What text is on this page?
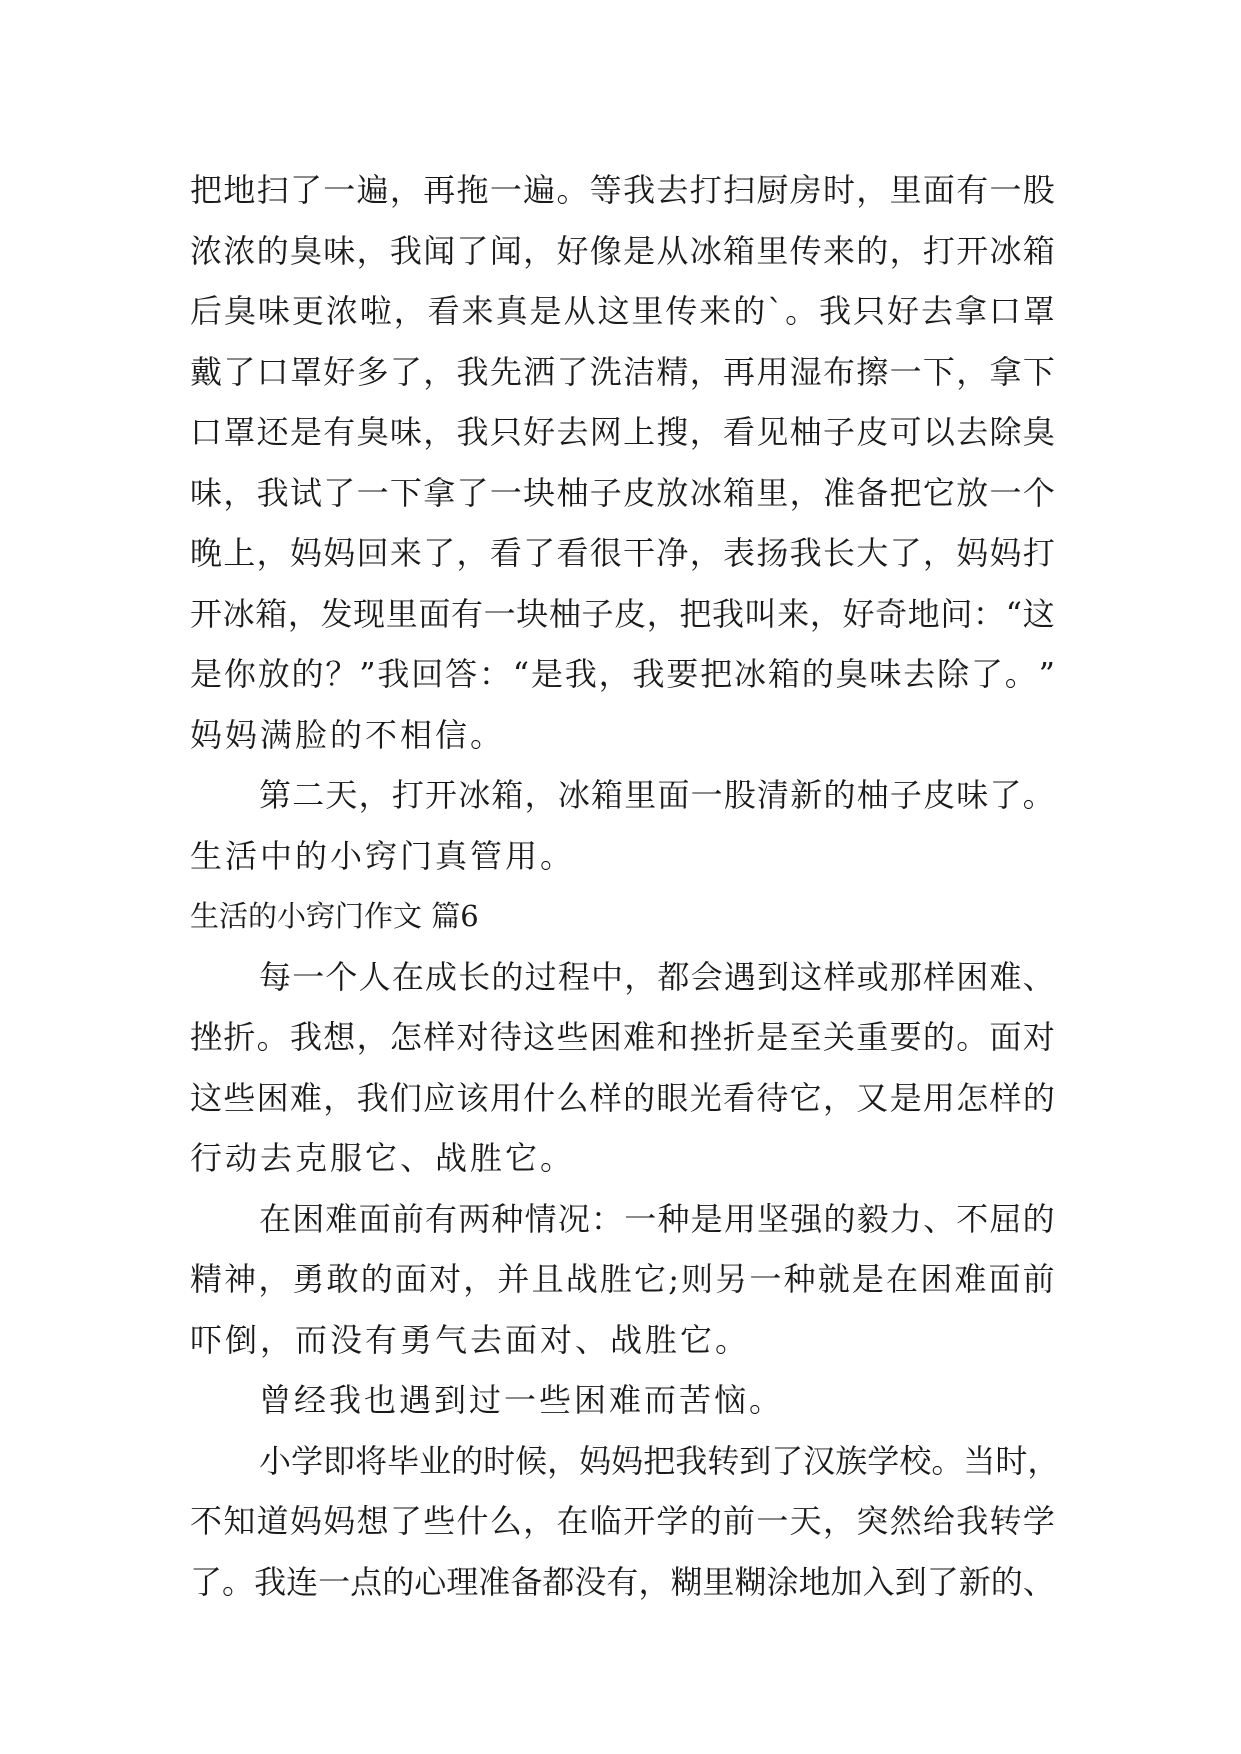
把 地 扫 了 一 遍 ， 再 拖 一 遍 。 等 我 去 打 扫 厨 房 时 ， 里 面 有 一 股
浓 浓 的 臭 味 ， 我 闻 了 闻 ， 好 像 是 从 冰 箱 里 传 来 的 ， 打 开 冰 箱
后 臭 味 更 浓 啦 ， 看 来 真 是 从 这 里 传 来 的 ` 。 我 只 好 去 拿 口 罩
戴 了 口 罩 好 多 了 ， 我 先 洒 了 洗 洁 精 ， 再 用 湿 布 擦 一 下 ， 拿 下
口 罩 还 是 有 臭 味 ， 我 只 好 去 网 上 搜 ， 看 见 柚 子 皮 可 以 去 除 臭
味 ， 我 试 了 一 下 拿 了 一 块 柚 子 皮 放 冰 箱 里 ， 准 备 把 它 放 一 个
晚 上 ， 妈 妈 回 来 了 ， 看 了 看 很 干 净 ， 表 扬 我 长 大 了 ， 妈 妈 打
开 冰 箱 ， 发 现 里 面 有 一 块 柚 子 皮 ， 把 我 叫 来 ， 好 奇 地 问 ： “ 这
是 你 放 的 ？ ” 我 回 答 ： “ 是 我 ， 我 要 把 冰 箱 的 臭 味 去 除 了 。 ”
妈妈满脸的不相信。
第 二 天 ， 打 开 冰 箱 ， 冰 箱 里 面 一 股 清 新 的 柚 子 皮 味 了 。
生活中的小窍门真管用。
生活的小窍门作文 篇6
每 一 个 人 在 成 长 的 过 程 中 ， 都 会 遇 到 这 样 或 那 样 困 难 、
挫 折 。 我 想 ， 怎 样 对 待 这 些 困 难 和 挫 折 是 至 关 重 要 的 。 面 对
这 些 困 难 ， 我 们 应 该 用 什 么 样 的 眼 光 看 待 它 ， 又 是 用 怎 样 的
行动去克服它、战胜它。
在 困 难 面 前 有 两 种 情 况 ： 一 种 是 用 坚 强 的 毅 力 、 不 屈 的
精 神 ， 勇 敢 的 面 对 ， 并 且 战 胜 它 ; 则 另 一 种 就 是 在 困 难 面 前
吓倒，而没有勇气去面对、战胜它。
曾经我也遇到过一些困难而苦恼。
小 学 即 将 毕 业 的 时 候 ， 妈 妈 把 我 转 到 了 汉 族 学 校 。 当 时 ，
不 知 道 妈 妈 想 了 些 什 么 ， 在 临 开 学 的 前 一 天 ， 突 然 给 我 转 学
了 。 我 连 一 点 的 心 理 准 备 都 没 有 ， 糊 里 糊 涂 地 加 入 到 了 新 的 、
